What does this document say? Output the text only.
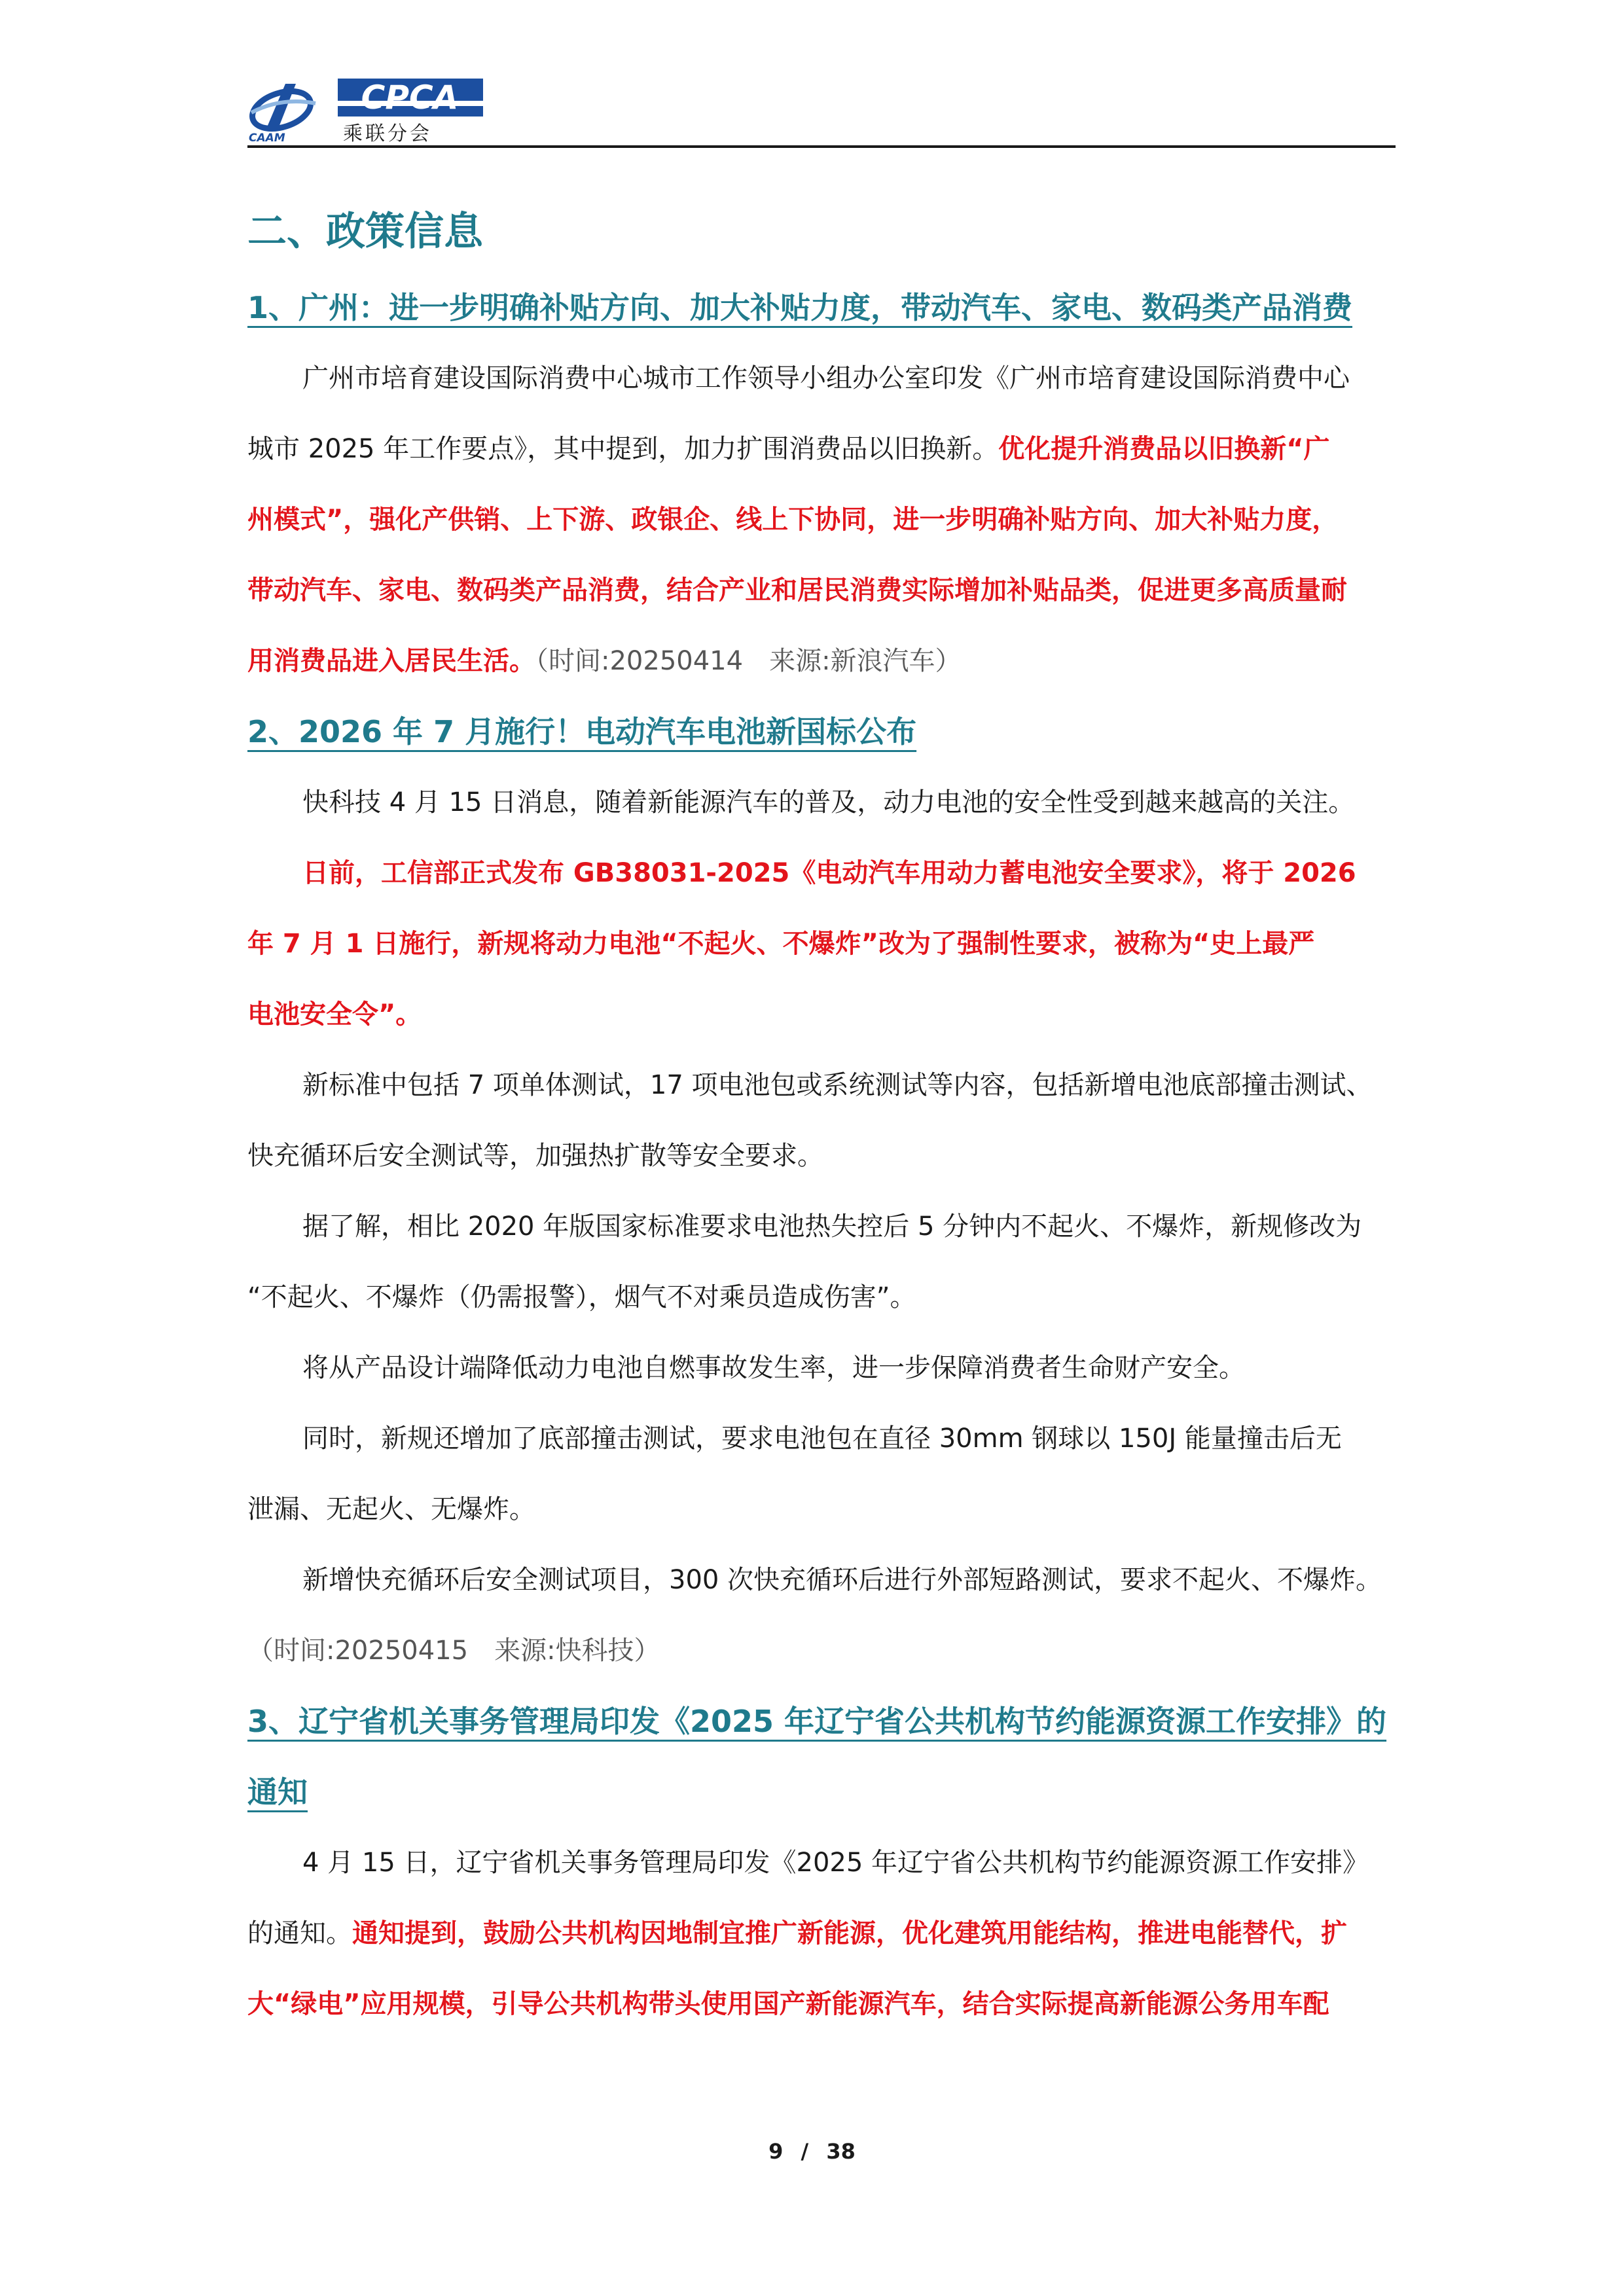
CAAM
CPCA
乘联分会
二、政策信息
1、广州：进一步明确补贴方向、加大补贴力度，带动汽车、家电、数码类产品消费

广州市培育建设国际消费中心城市工作领导小组办公室印发《广州市培育建设国际消费中心

城市 2025 年工作要点》，其中提到，加力扩围消费品以旧换新。优化提升消费品以旧换新“广

州模式”，强化产供销、上下游、政银企、线上下协同，进一步明确补贴方向、加大补贴力度，

带动汽车、家电、数码类产品消费，结合产业和居民消费实际增加补贴品类，促进更多高质量耐

用消费品进入居民生活。（时间:20250414　来源:新浪汽车）

2、2026 年 7 月施行！电动汽车电池新国标公布

快科技 4 月 15 日消息，随着新能源汽车的普及，动力电池的安全性受到越来越高的关注。

日前，工信部正式发布 GB38031-2025《电动汽车用动力蓄电池安全要求》，将于 2026

年 7 月 1 日施行，新规将动力电池“不起火、不爆炸”改为了强制性要求，被称为“史上最严

电池安全令”。

新标准中包括 7 项单体测试，17 项电池包或系统测试等内容，包括新增电池底部撞击测试、

快充循环后安全测试等，加强热扩散等安全要求。

据了解，相比 2020 年版国家标准要求电池热失控后 5 分钟内不起火、不爆炸，新规修改为

“不起火、不爆炸（仍需报警），烟气不对乘员造成伤害”。

将从产品设计端降低动力电池自燃事故发生率，进一步保障消费者生命财产安全。

同时，新规还增加了底部撞击测试，要求电池包在直径 30mm 钢球以 150J 能量撞击后无

泄漏、无起火、无爆炸。

新增快充循环后安全测试项目，300 次快充循环后进行外部短路测试，要求不起火、不爆炸。

（时间:20250415　来源:快科技）

3、辽宁省机关事务管理局印发《2025 年辽宁省公共机构节约能源资源工作安排》的通知

4 月 15 日，辽宁省机关事务管理局印发《2025 年辽宁省公共机构节约能源资源工作安排》

的通知。通知提到，鼓励公共机构因地制宜推广新能源，优化建筑用能结构，推进电能替代，扩

大“绿电”应用规模，引导公共机构带头使用国产新能源汽车，结合实际提高新能源公务用车配

9 / 38
